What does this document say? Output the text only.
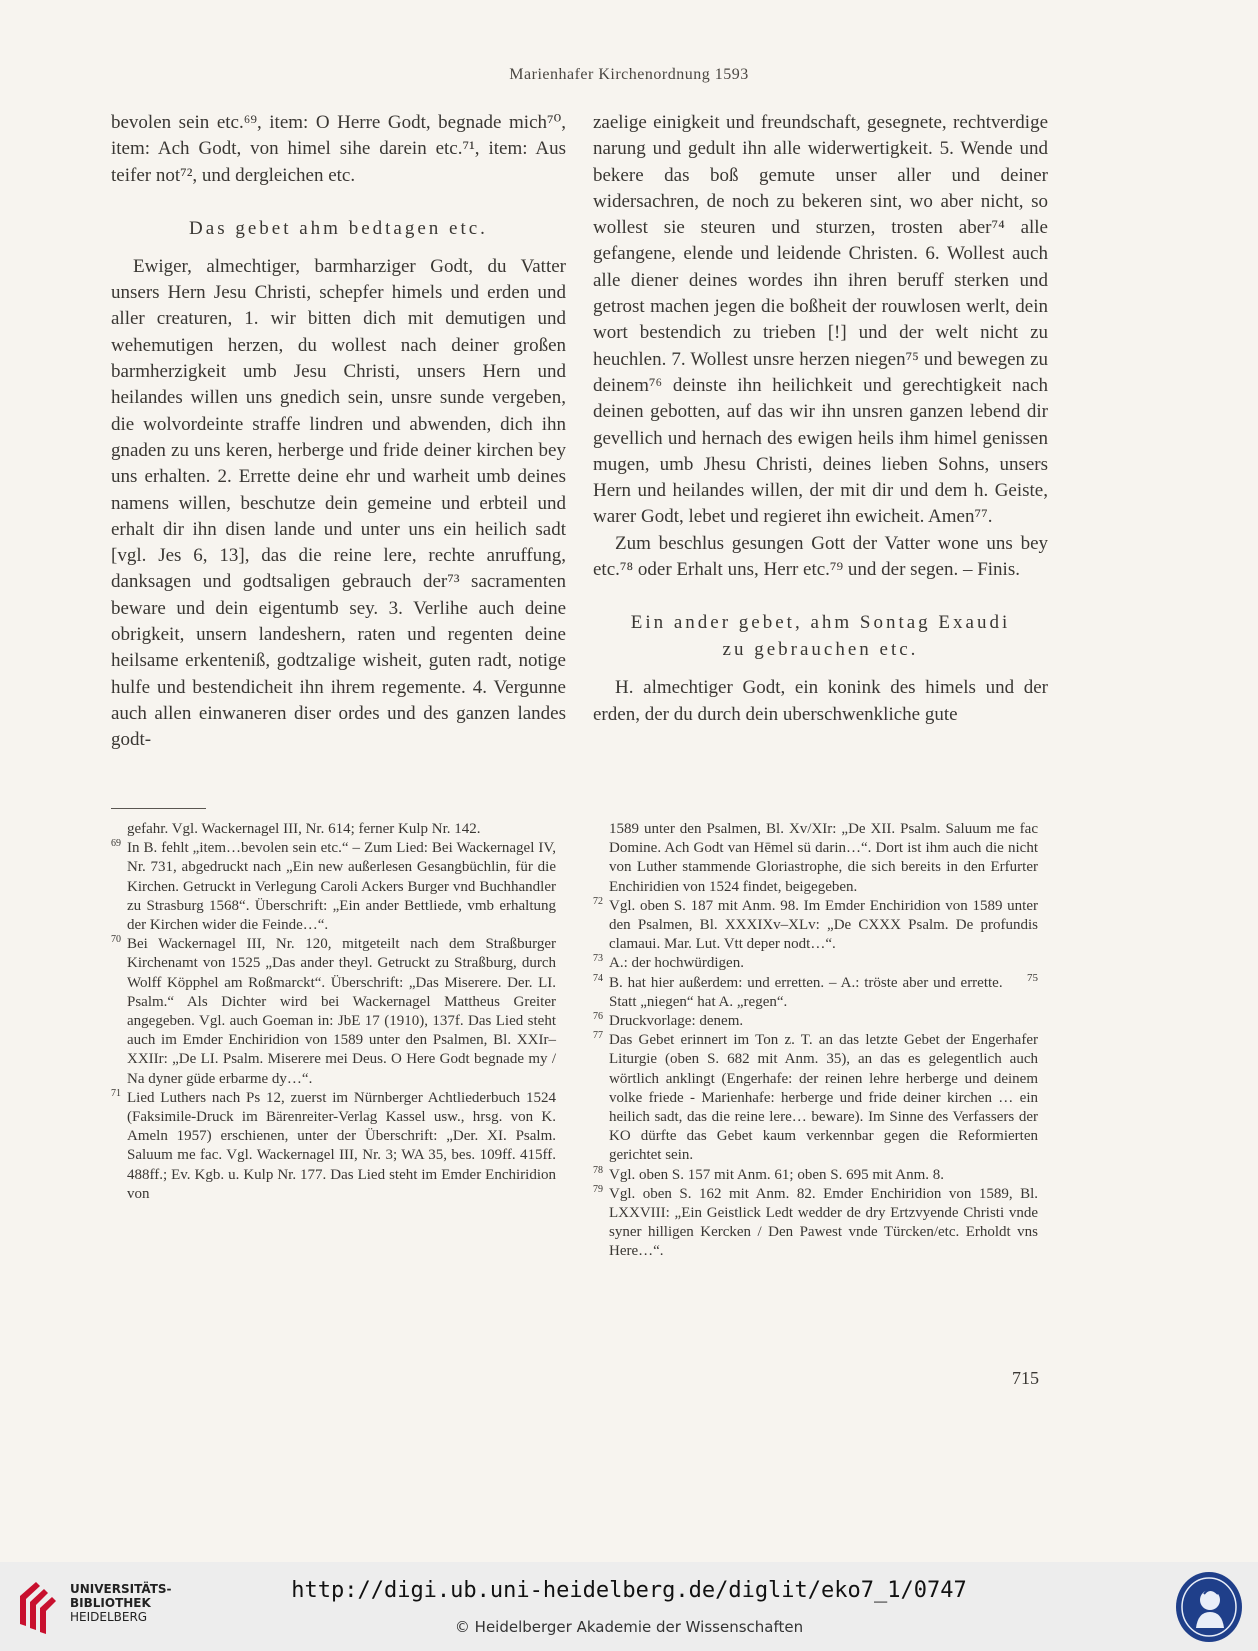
Marienhafer Kirchenordnung 1593

bevolen sein etc.⁶⁹, item: O Herre Godt, begnade mich⁷⁰, item: Ach Godt, von himel sihe darein etc.⁷¹, item: Aus teifer not⁷², und dergleichen etc.

Das gebet ahm bedtagen etc.

Ewiger, almechtiger, barmharziger Godt, du Vatter unsers Hern Jesu Christi, schepfer himels und erden und aller creaturen, 1. wir bitten dich mit demutigen und wehemutigen herzen, du wollest nach deiner großen barmherzigkeit umb Jesu Christi, unsers Hern und heilandes willen uns gnedich sein, unsre sunde vergeben, die wolvordeinte straffe lindren und abwenden, dich ihn gnaden zu uns keren, herberge und fride deiner kirchen bey uns erhalten. 2. Errette deine ehr und warheit umb deines namens willen, beschutze dein gemeine und erbteil und erhalt dir ihn disen lande und unter uns ein heilich sadt [vgl. Jes 6, 13], das die reine lere, rechte anruffung, danksagen und godtsaligen gebrauch der⁷³ sacramenten beware und dein eigentumb sey. 3. Verlihe auch deine obrigkeit, unsern landeshern, raten und regenten deine heilsame erkenteniß, godtzalige wisheit, guten radt, notige hulfe und bestendicheit ihn ihrem regemente. 4. Vergunne auch allen einwaneren diser ordes und des ganzen landes godt-

zaelige einigkeit und freundschaft, gesegnete, rechtverdige narung und gedult ihn alle widerwertigkeit. 5. Wende und bekere das boß gemute unser aller und deiner widersachren, de noch zu bekeren sint, wo aber nicht, so wollest sie steuren und sturzen, trosten aber⁷⁴ alle gefangene, elende und leidende Christen. 6. Wollest auch alle diener deines wordes ihn ihren beruff sterken und getrost machen jegen die boßheit der rouwlosen werlt, dein wort bestendich zu trieben [!] und der welt nicht zu heuchlen. 7. Wollest unsre herzen niegen⁷⁵ und bewegen zu deinem⁷⁶ deinste ihn heilichkeit und gerechtigkeit nach deinen gebotten, auf das wir ihn unsren ganzen lebend dir gevellich und hernach des ewigen heils ihm himel genissen mugen, umb Jhesu Christi, deines lieben Sohns, unsers Hern und heilandes willen, der mit dir und dem h. Geiste, warer Godt, lebet und regieret ihn ewicheit. Amen⁷⁷.

Zum beschlus gesungen Gott der Vatter wone uns bey etc.⁷⁸ oder Erhalt uns, Herr etc.⁷⁹ und der segen. – Finis.

Ein ander gebet, ahm Sontag Exaudi
zu gebrauchen etc.

H. almechtiger Godt, ein konink des himels und der erden, der du durch dein uberschwenkliche gute

gefahr. Vgl. Wackernagel III, Nr. 614; ferner Kulp Nr. 142.

69 In B. fehlt „item…bevolen sein etc.“ – Zum Lied: Bei Wackernagel IV, Nr. 731, abgedruckt nach „Ein new außerlesen Gesangbüchlin, für die Kirchen. Getruckt in Verlegung Caroli Ackers Burger vnd Buchhandler zu Strasburg 1568“. Überschrift: „Ein ander Bettliede, vmb erhaltung der Kirchen wider die Feinde…“.

70 Bei Wackernagel III, Nr. 120, mitgeteilt nach dem Straßburger Kirchenamt von 1525 „Das ander theyl. Getruckt zu Straßburg, durch Wolff Köpphel am Roßmarckt“. Überschrift: „Das Miserere. Der. LI. Psalm.“ Als Dichter wird bei Wackernagel Mattheus Greiter angegeben. Vgl. auch Goeman in: JbE 17 (1910), 137f. Das Lied steht auch im Emder Enchiridion von 1589 unter den Psalmen, Bl. XXIr–XXIIr: „De LI. Psalm. Miserere mei Deus. O Here Godt begnade my / Na dyner güde erbarme dy…“.

71 Lied Luthers nach Ps 12, zuerst im Nürnberger Achtliederbuch 1524 (Faksimile-Druck im Bärenreiter-Verlag Kassel usw., hrsg. von K. Ameln 1957) erschienen, unter der Überschrift: „Der. XI. Psalm. Saluum me fac. Vgl. Wackernagel III, Nr. 3; WA 35, bes. 109ff. 415ff. 488ff.; Ev. Kgb. u. Kulp Nr. 177. Das Lied steht im Emder Enchiridion von

1589 unter den Psalmen, Bl. Xv/XIr: „De XII. Psalm. Saluum me fac Domine. Ach Godt van Hēmel sü darin…“. Dort ist ihm auch die nicht von Luther stammende Gloriastrophe, die sich bereits in den Erfurter Enchiridien von 1524 findet, beigegeben.

72 Vgl. oben S. 187 mit Anm. 98. Im Emder Enchiridion von 1589 unter den Psalmen, Bl. XXXIXv–XLv: „De CXXX Psalm. De profundis clamaui. Mar. Lut. Vtt deper nodt…“.

73 A.: der hochwürdigen.

74 B. hat hier außerdem: und erretten. – A.: tröste aber und errette. $^{75}$ Statt „niegen“ hat A. „regen“.

76 Druckvorlage: denem.

77 Das Gebet erinnert im Ton z. T. an das letzte Gebet der Engerhafer Liturgie (oben S. 682 mit Anm. 35), an das es gelegentlich auch wörtlich anklingt (Engerhafe: der reinen lehre herberge und deinem volke friede - Marienhafe: herberge und fride deiner kirchen … ein heilich sadt, das die reine lere… beware). Im Sinne des Verfassers der KO dürfte das Gebet kaum verkennbar gegen die Reformierten gerichtet sein.

78 Vgl. oben S. 157 mit Anm. 61; oben S. 695 mit Anm. 8.

79 Vgl. oben S. 162 mit Anm. 82. Emder Enchiridion von 1589, Bl. LXXVIII: „Ein Geistlick Ledt wedder de dry Ertzvyende Christi vnde syner hilligen Kercken / Den Pawest vnde Türcken/etc. Erholdt vns Here…“.

715
UNIVERSITÄTS-
BIBLIOTHEK
HEIDELBERG
http://digi.ub.uni-heidelberg.de/diglit/eko7_1/0747
© Heidelberger Akademie der Wissenschaften
